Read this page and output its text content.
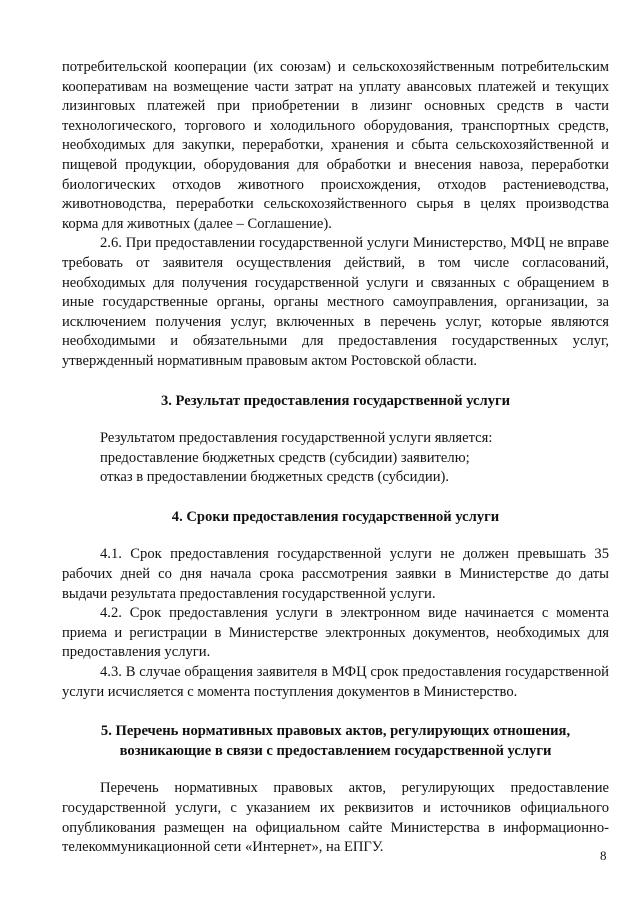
потребительской кооперации (их союзам) и сельскохозяйственным потребительским кооперативам на возмещение части затрат на уплату авансовых платежей и текущих лизинговых платежей при приобретении в лизинг основных средств в части технологического, торгового и холодильного оборудования, транспортных средств, необходимых для закупки, переработки, хранения и сбыта сельскохозяйственной и пищевой продукции, оборудования для обработки и внесения навоза, переработки биологических отходов животного происхождения, отходов растениеводства, животноводства, переработки сельскохозяйственного сырья в целях производства корма для животных (далее – Соглашение).

2.6. При предоставлении государственной услуги Министерство, МФЦ не вправе требовать от заявителя осуществления действий, в том числе согласований, необходимых для получения государственной услуги и связанных с обращением в иные государственные органы, органы местного самоуправления, организации, за исключением получения услуг, включенных в перечень услуг, которые являются необходимыми и обязательными для предоставления государственных услуг, утвержденный нормативным правовым актом Ростовской области.

3. Результат предоставления государственной услуги

Результатом предоставления государственной услуги является:

предоставление бюджетных средств (субсидии) заявителю;

отказ в предоставлении бюджетных средств (субсидии).

4. Сроки предоставления государственной услуги

4.1. Срок предоставления государственной услуги не должен превышать 35 рабочих дней со дня начала срока рассмотрения заявки в Министерстве до даты выдачи результата предоставления государственной услуги.

4.2. Срок предоставления услуги в электронном виде начинается с момента приема и регистрации в Министерстве электронных документов, необходимых для предоставления услуги.

4.3. В случае обращения заявителя в МФЦ срок предоставления государственной услуги исчисляется с момента поступления документов в Министерство.

5. Перечень нормативных правовых актов, регулирующих отношения,
возникающие в связи с предоставлением государственной услуги

Перечень нормативных правовых актов, регулирующих предоставление государственной услуги, с указанием их реквизитов и источников официального опубликования размещен на официальном сайте Министерства в информационно-телекоммуникационной сети «Интернет», на ЕПГУ.

8
